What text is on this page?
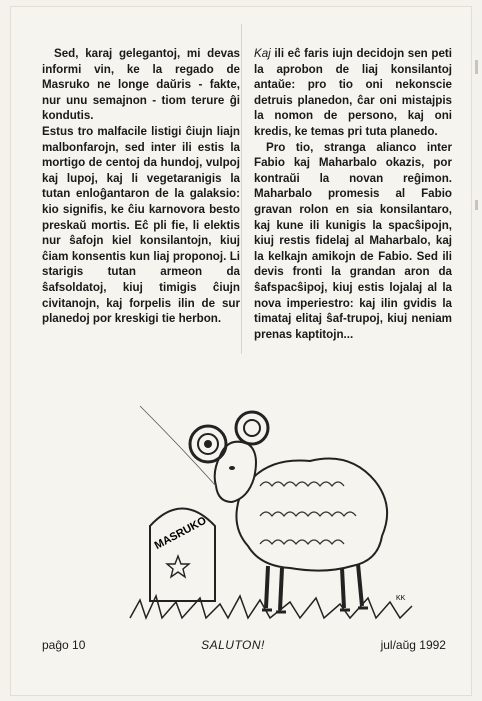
Sed, karaj gelegantoj, mi devas informi vin, ke la regado de Masruko ne longe daŭris - fakte, nur unu semajnon - tiom terure ĝi kondutis.

Estus tro malfacile listigi ĉiujn liajn malbonfarojn, sed inter ili estis la mortigo de centoj da hundoj, vulpoj kaj lupoj, kaj li vegetaranigis la tutan enloĝantaron de la galaksio: kio signifis, ke ĉiu karnovora besto preskaŭ mortis. Eĉ pli fie, li elektis nur ŝafojn kiel konsilantojn, kiuj ĉiam konsentis kun liaj proponoj. Li starigis tutan armeon da ŝafsoldatoj, kiuj timigis ĉiujn civitanojn, kaj forpelis ilin de sur planedoj por kreskigi tie herbon.

Kaj ili eĉ faris iujn decidojn sen peti la aprobon de liaj konsilantoj antaŭe: pro tio oni nekonscie detruis planedon, ĉar oni mistajpis la nomon de persono, kaj oni kredis, ke temas pri tuta planedo.

Pro tio, stranga alianco inter Fabio kaj Maharbalo okazis, por kontraŭi la novan reĝimon. Maharbalo promesis al Fabio gravan rolon en sia konsilantaro, kaj kune ili kunigis la spacŝipojn, kiuj restis fidelaj al Maharbalo, kaj la kelkajn amikojn de Fabio. Sed ili devis fronti la grandan aron da ŝafspacŝipoj, kiuj estis lojalaj al la nova imperiestro: kaj ilin gvidis la timataj elitaj ŝaf-trupoj, kiuj neniam prenas kaptitojn...

MASRUKO
KK
paĝo 10	SALUTON!	jul/aŭg 1992
